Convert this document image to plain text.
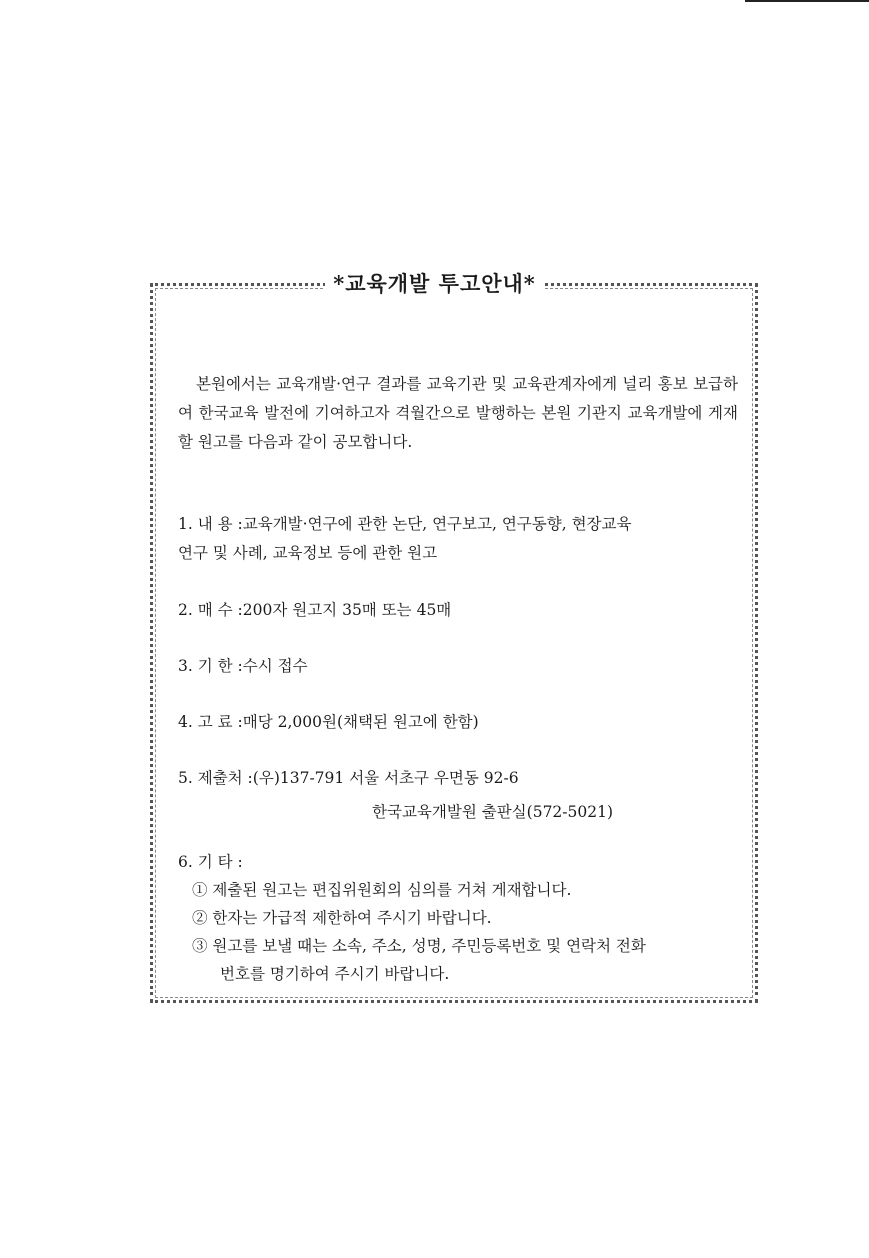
*교육개발 투고안내*
본원에서는 교육개발·연구 결과를 교육기관 및 교육관계자에게 널리 홍보 보급하여 한국교육 발전에 기여하고자 격월간으로 발행하는 본원 기관지 교육개발에 게재할 원고를 다음과 같이 공모합니다.
1. 내 용 :교육개발·연구에 관한 논단, 연구보고, 연구동향, 현장교육
연구 및 사례, 교육정보 등에 관한 원고
2. 매 수 :200자 원고지 35매 또는 45매
3. 기 한 :수시 접수
4. 고 료 :매당 2,000원(채택된 원고에 한함)
5. 제출처 :(우)137-791 서울 서초구 우면동 92-6
한국교육개발원 출판실(572-5021)
6. 기 타 :
① 제출된 원고는 편집위원회의 심의를 거쳐 게재합니다.
② 한자는 가급적 제한하여 주시기 바랍니다.
③ 원고를 보낼 때는 소속, 주소, 성명, 주민등록번호 및 연락처 전화
번호를 명기하여 주시기 바랍니다.
